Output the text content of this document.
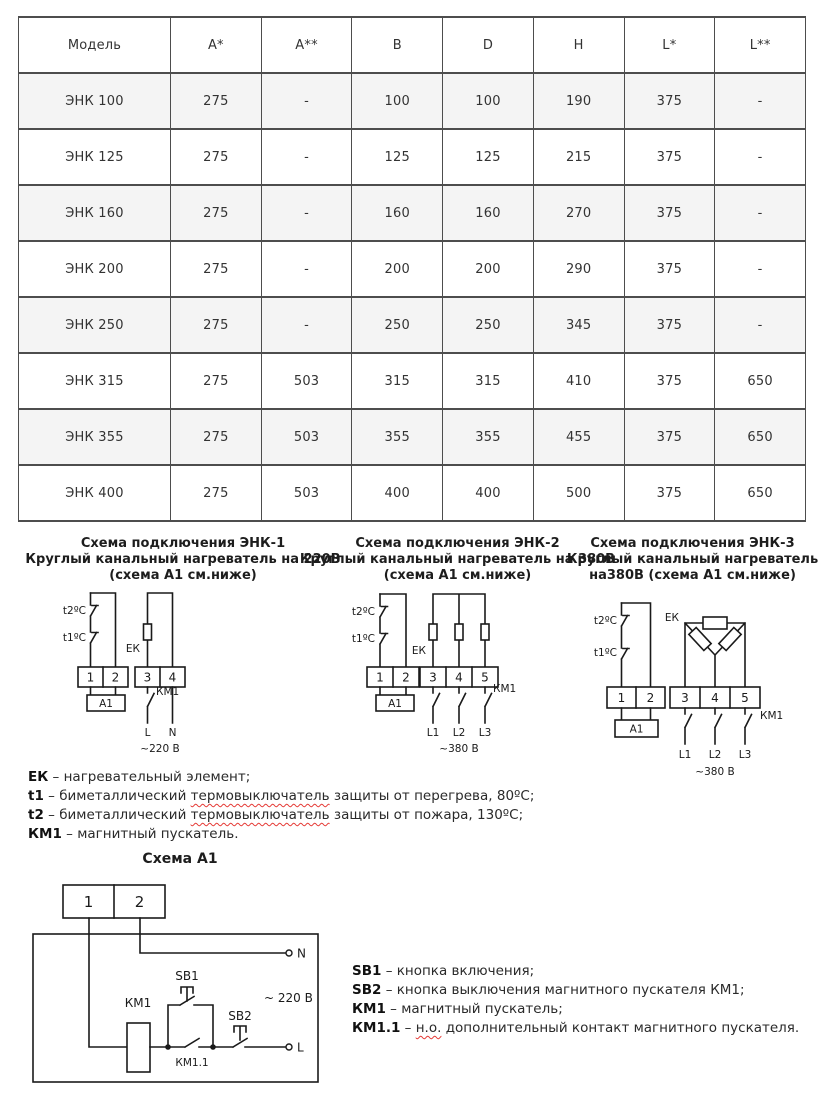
Модель	A*	A**	B	D	H	L*	L**
ЭНК 100	275	-	100	100	190	375	-
ЭНК 125	275	-	125	125	215	375	-
ЭНК 160	275	-	160	160	270	375	-
ЭНК 200	275	-	200	200	290	375	-
ЭНК 250	275	-	250	250	345	375	-
ЭНК 315	275	503	315	315	410	375	650
ЭНК 355	275	503	355	355	455	375	650
ЭНК 400	275	503	400	400	500	375	650
Схема подключения ЭНК-1
Круглый канальный нагреватель на 220В
(схема А1 см.ниже)
Схема подключения ЭНК-2
Круглый канальный нагреватель на 380В
(схема А1 см.ниже)
Схема подключения ЭНК-3
Круглый канальный нагреватель
на380В (схема А1 см.ниже)
t2ºC
t1ºC
ЕК
1 2 3 4
А1
КМ1
L N
~220 В
t2ºC
t1ºC
ЕК
1 2 3 4 5
А1
КМ1
L1 L2 L3
~380 В
t2ºC
t1ºC
ЕК
1 2 3 4 5
А1
КМ1
L1 L2 L3
~380 В
ЕК – нагревательный элемент;
t1 – биметаллический термовыключатель защиты от перегрева, 80ºС;
t2 – биметаллический термовыключатель защиты от пожара, 130ºС;
КМ1 – магнитный пускатель.
Схема А1
1	2
N
КМ1
КМ1.1
SB1
SB2
L
~ 220 В
SB1 – кнопка включения;
SB2 – кнопка выключения магнитного пускателя КМ1;
КМ1 – магнитный пускатель;
КМ1.1 – н.о. дополнительный контакт магнитного пускателя.
